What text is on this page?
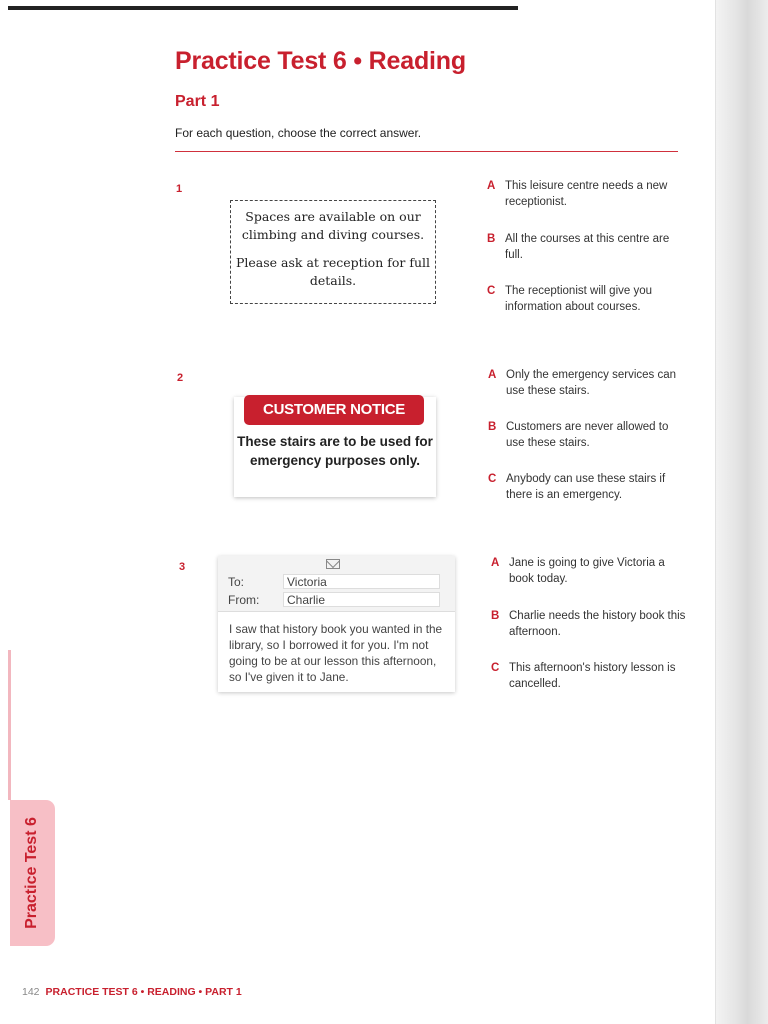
Practice Test 6 • Reading
Part 1

For each question, choose the correct answer.

1

Spaces are available on our climbing and diving courses.

Please ask at reception for full details.

A This leisure centre needs a new receptionist.
B All the courses at this centre are full.
C The receptionist will give you information about courses.
2
CUSTOMER NOTICE
These stairs are to be used for emergency purposes only.
A Only the emergency services can use these stairs.
B Customers are never allowed to use these stairs.
C Anybody can use these stairs if there is an emergency.
3
To:	Victoria
From:	Charlie
I saw that history book you wanted in the library, so I borrowed it for you. I'm not going to be at our lesson this afternoon, so I've given it to Jane.
A Jane is going to give Victoria a book today.
B Charlie needs the history book this afternoon.
C This afternoon's history lesson is cancelled.
Practice Test 6
142 PRACTICE TEST 6 • READING • PART 1
